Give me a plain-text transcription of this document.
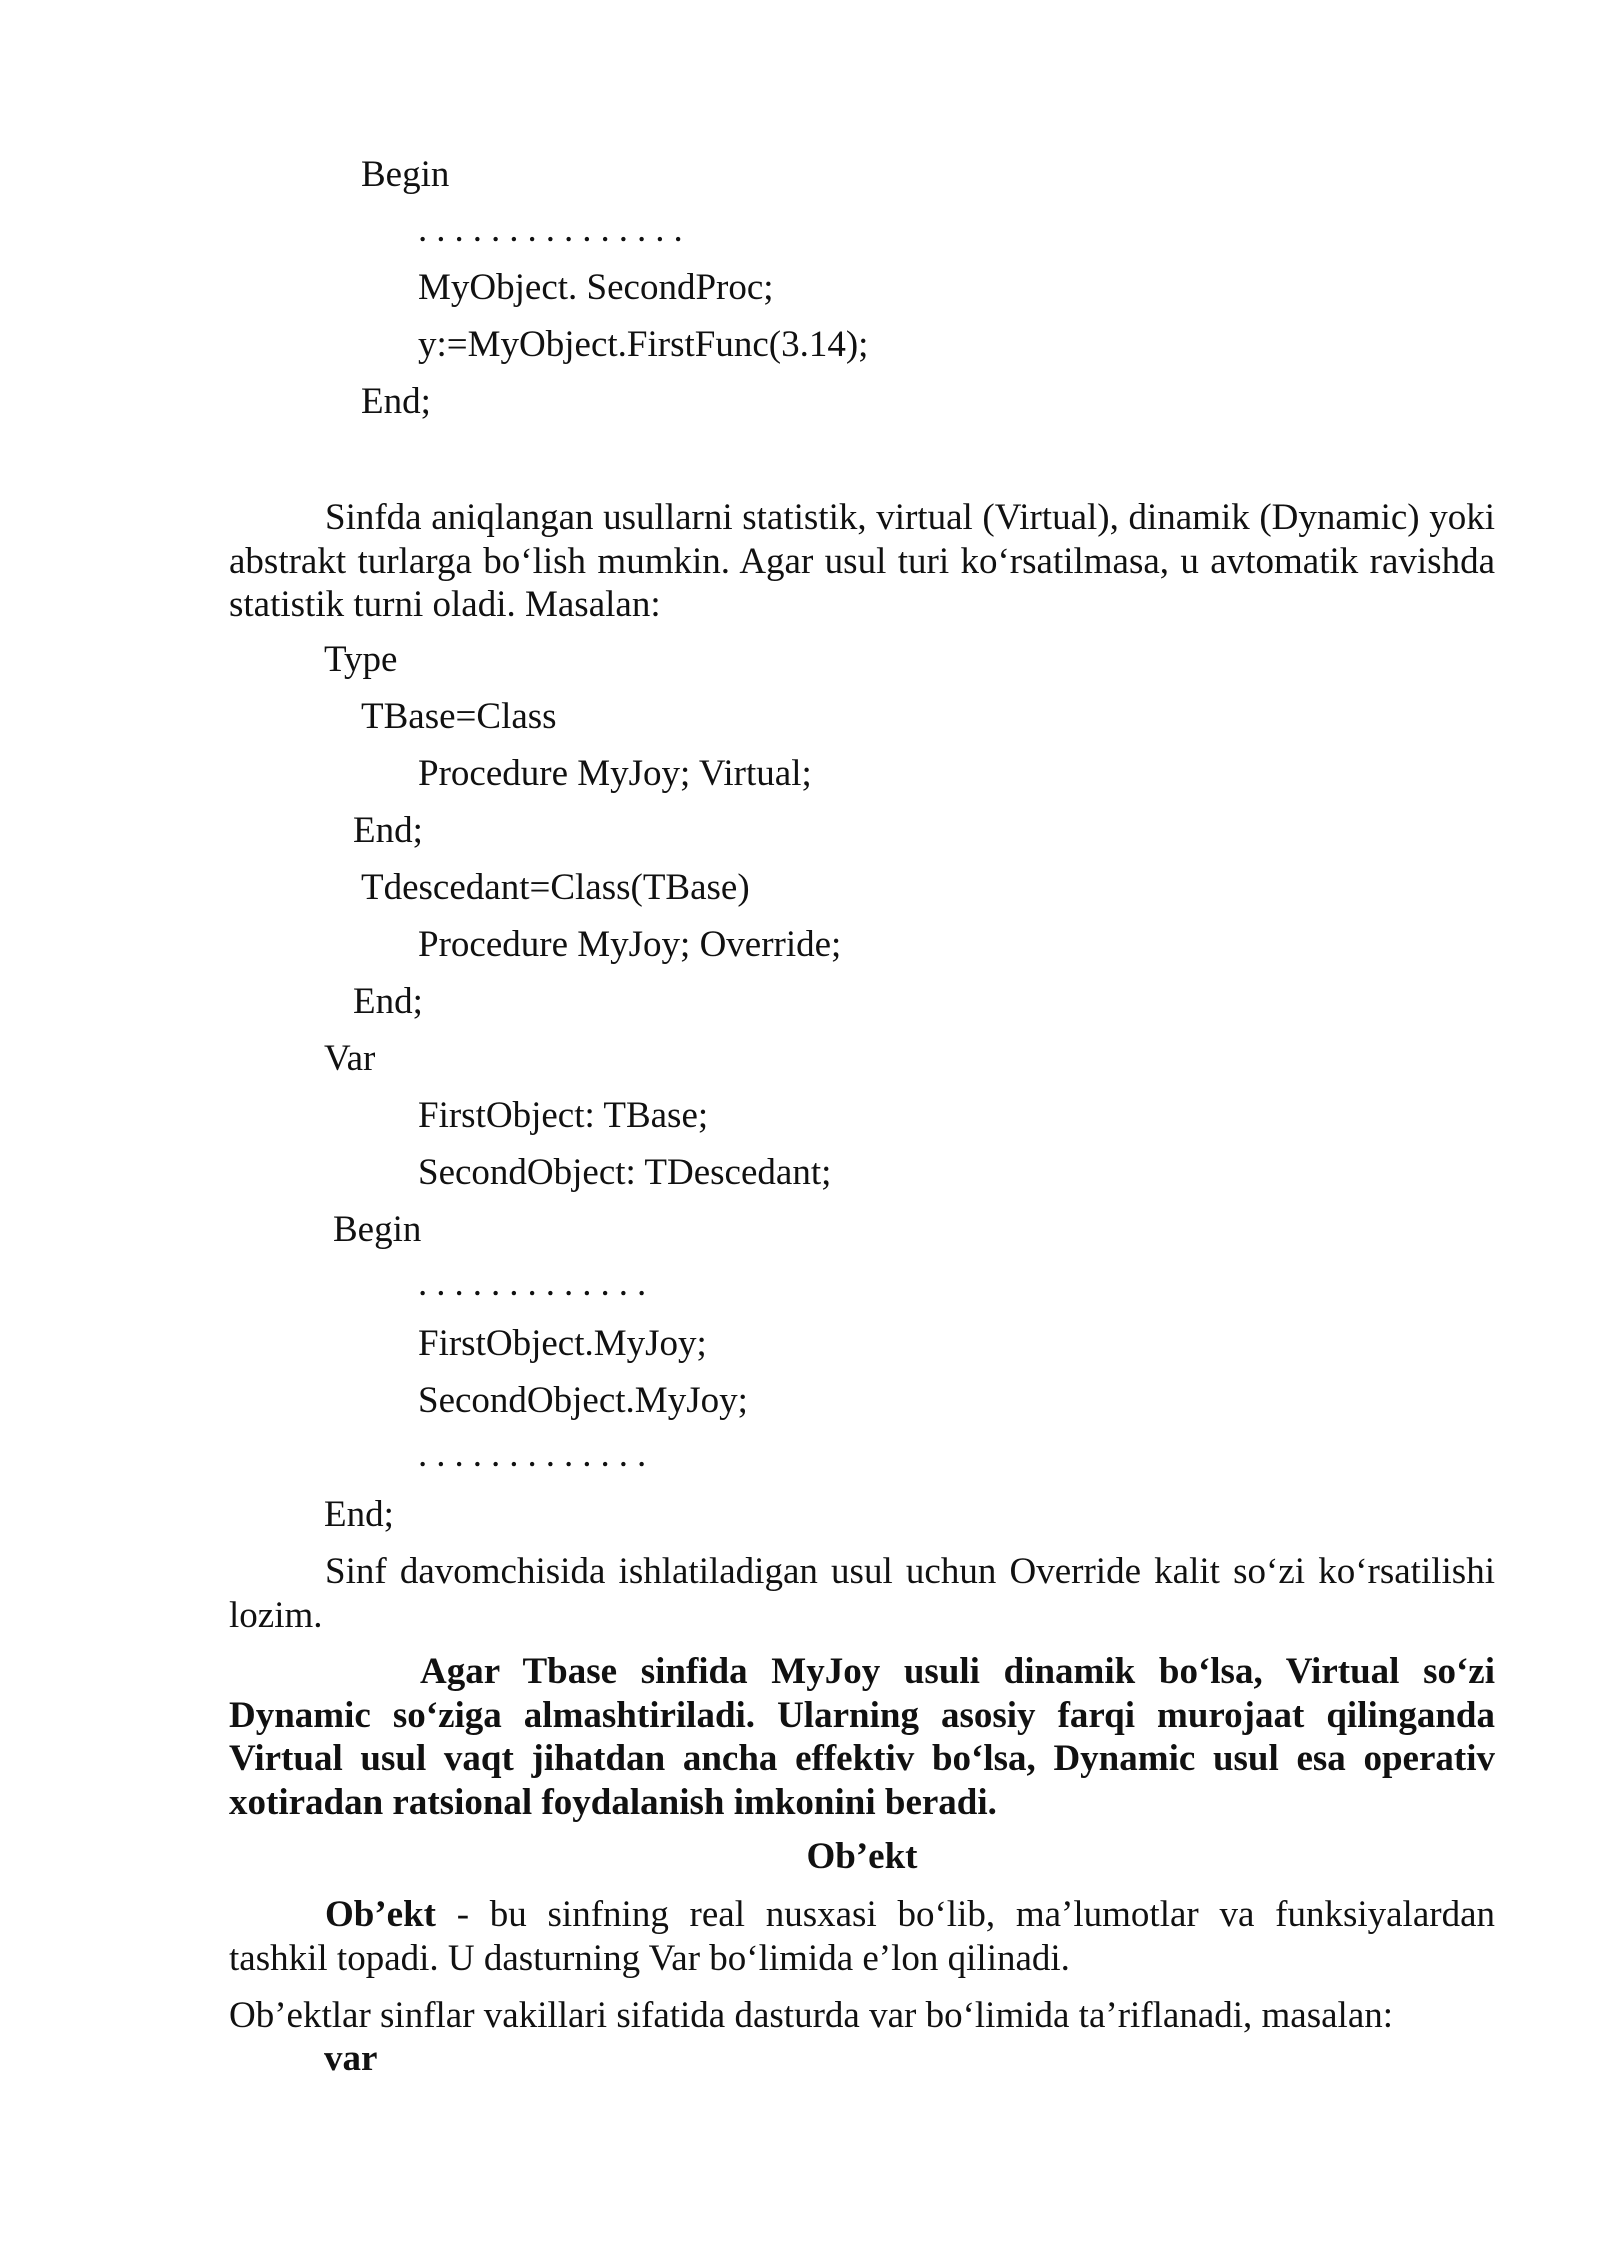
Begin
...............
MyObject. SecondProc;
y:=MyObject.FirstFunc(3.14);
End;
Sinfda aniqlangan usullarni statistik, virtual (Virtual), dinamik (Dynamic) yoki abstrakt turlarga bo‘lish mumkin. Agar usul turi ko‘rsatilmasa, u avtomatik ravishda statistik turni oladi. Masalan:
Type
TBase=Class
Procedure MyJoy; Virtual;
End;
Tdescedant=Class(TBase)
Procedure MyJoy; Override;
End;
Var
FirstObject: TBase;
SecondObject: TDescedant;
Begin
.............
FirstObject.MyJoy;
SecondObject.MyJoy;
.............
End;
Sinf davomchisida ishlatiladigan usul uchun Override kalit so‘zi ko‘rsatilishi lozim.
Agar Tbase sinfida MyJoy usuli dinamik bo‘lsa, Virtual so‘zi Dynamic so‘ziga almashtiriladi. Ularning asosiy farqi murojaat qilinganda Virtual usul vaqt jihatdan ancha effektiv bo‘lsa, Dynamic usul esa operativ xotiradan ratsional foydalanish imkonini beradi.
Ob’ekt
Ob’ekt - bu sinfning real nusxasi bo‘lib, ma’lumotlar va funksiyalardan tashkil topadi. U dasturning Var bo‘limida e’lon qilinadi.
Ob’ektlar sinflar vakillari sifatida dasturda var bo‘limida ta’riflanadi, masalan:
var
